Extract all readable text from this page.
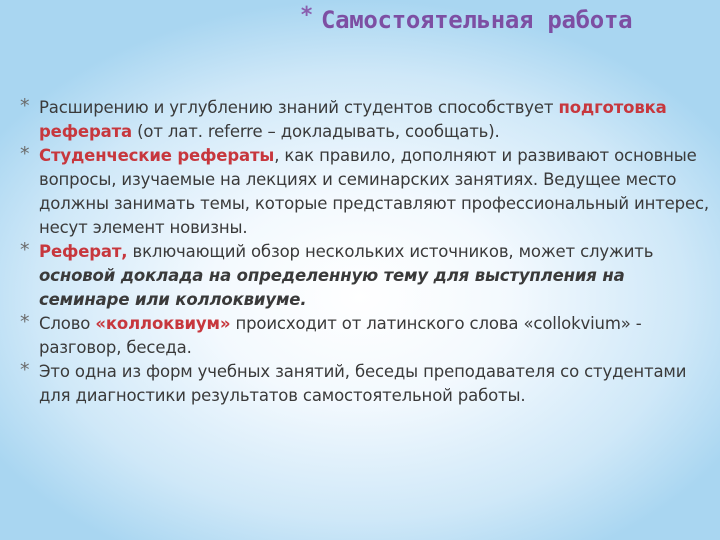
* Самостоятельная работа

* Расширению и углублению знаний студентов способствует подготовка реферата (от лат. referre – докладывать, сообщать).

* Студенческие рефераты, как правило, дополняют и развивают основные вопросы, изучаемые на лекциях и семинарских занятиях. Ведущее место должны занимать темы, которые представляют профессиональный интерес, несут элемент новизны.

* Реферат, включающий обзор нескольких источников, может служить основой доклада на определенную тему для выступления на семинаре или коллоквиуме.

* Слово «коллоквиум» происходит от латинского слова «collokvium» - разговор, беседа.

* Это одна из форм учебных занятий, беседы преподавателя со студентами для диагностики результатов самостоятельной работы.
